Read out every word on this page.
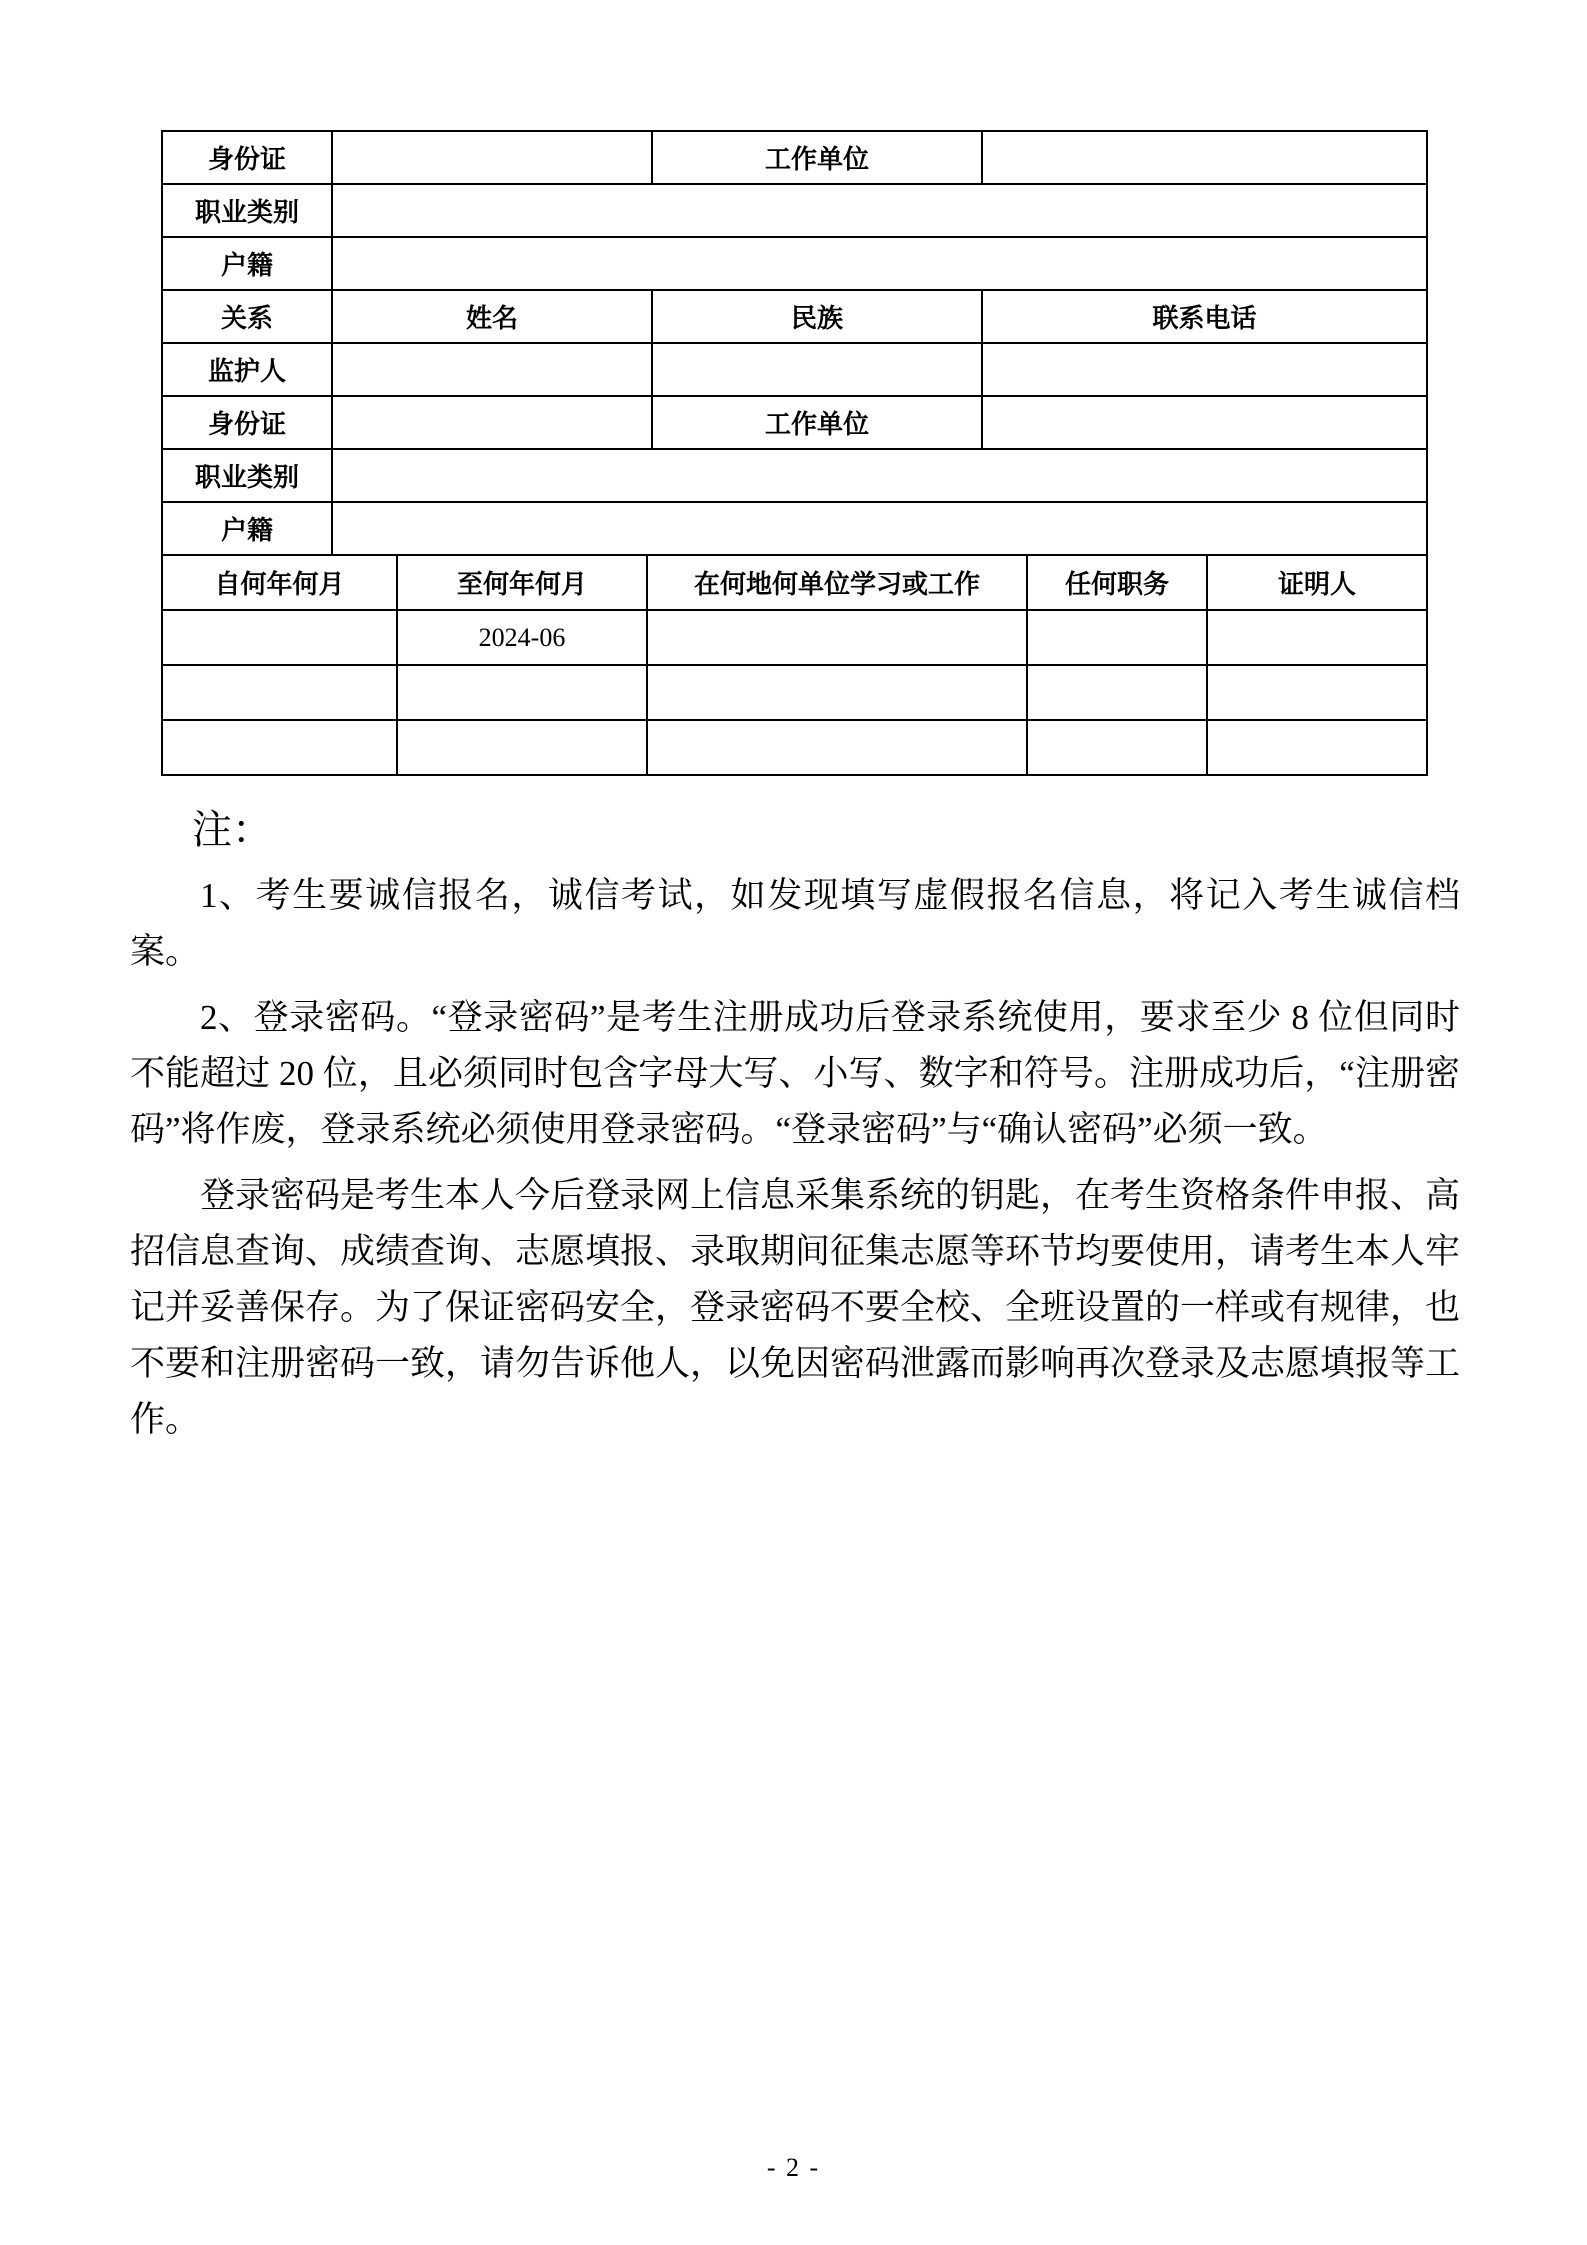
身份证		工作单位	
职业类别			
户籍			
关系	姓名	民族	联系电话
监护人			
身份证		工作单位	
职业类别			
户籍			
自何年何月	至何年何月	在何地何单位学习或工作	任何职务	证明人
	2024-06			

注：

1、考生要诚信报名，诚信考试，如发现填写虚假报名信息，将记入考生诚信档案。

2、登录密码。“登录密码”是考生注册成功后登录系统使用，要求至少 8 位但同时不能超过 20 位，且必须同时包含字母大写、小写、数字和符号。注册成功后，“注册密码”将作废，登录系统必须使用登录密码。“登录密码”与“确认密码”必须一致。

登录密码是考生本人今后登录网上信息采集系统的钥匙，在考生资格条件申报、高招信息查询、成绩查询、志愿填报、录取期间征集志愿等环节均要使用，请考生本人牢记并妥善保存。为了保证密码安全，登录密码不要全校、全班设置的一样或有规律，也不要和注册密码一致，请勿告诉他人，以免因密码泄露而影响再次登录及志愿填报等工作。

- 2 -
